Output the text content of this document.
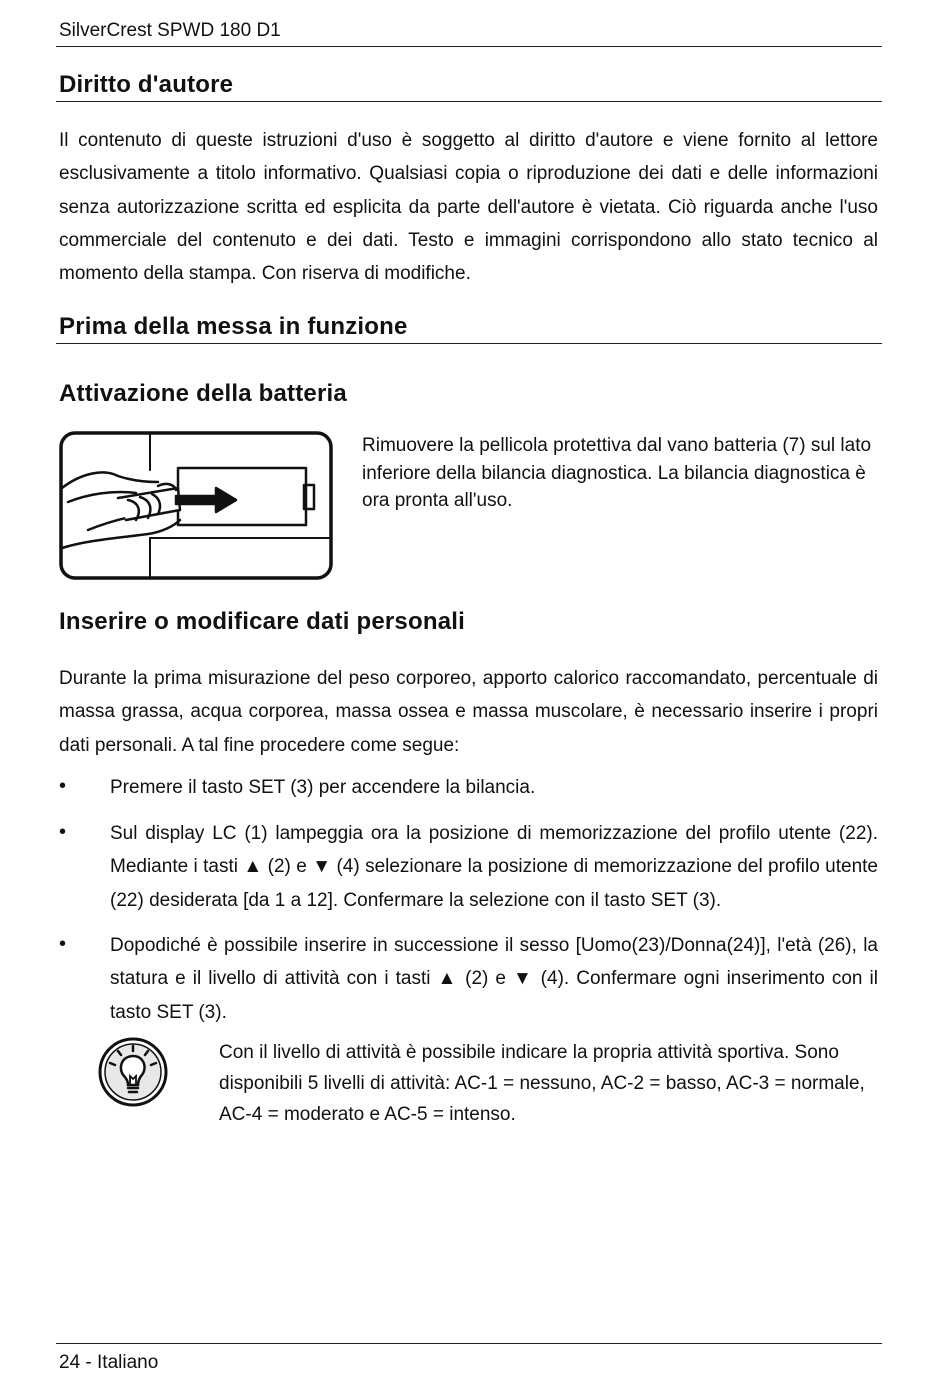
SilverCrest SPWD 180 D1
Diritto d'autore
Il contenuto di queste istruzioni d'uso è soggetto al diritto d'autore e viene fornito al lettore esclusivamente a titolo informativo. Qualsiasi copia o riproduzione dei dati e delle informazioni senza autorizzazione scritta ed esplicita da parte dell'autore è vietata. Ciò riguarda anche l'uso commerciale del contenuto e dei dati. Testo e immagini corrispondono allo stato tecnico al momento della stampa. Con riserva di modifiche.
Prima della messa in funzione
Attivazione della batteria
Rimuovere la pellicola protettiva dal vano batteria (7) sul lato inferiore della bilancia diagnostica. La bilancia diagnostica è ora pronta all'uso.
Inserire o modificare dati personali
Durante la prima misurazione del peso corporeo, apporto calorico raccomandato, percentuale di massa grassa, acqua corporea, massa ossea e massa muscolare, è necessario inserire i propri dati personali. A tal fine procedere come segue:
• Premere il tasto SET (3) per accendere la bilancia.
• Sul display LC (1) lampeggia ora la posizione di memorizzazione del profilo utente (22). Mediante i tasti ▲ (2) e ▼ (4) selezionare la posizione di memorizzazione del profilo utente (22) desiderata [da 1 a 12]. Confermare la selezione con il tasto SET (3).
• Dopodiché è possibile inserire in successione il sesso [Uomo(23)/Donna(24)], l'età (26), la statura e il livello di attività con i tasti ▲ (2) e ▼ (4). Confermare ogni inserimento con il tasto SET (3).
Con il livello di attività è possibile indicare la propria attività sportiva. Sono disponibili 5 livelli di attività: AC-1 = nessuno, AC-2 = basso, AC-3 = normale, AC-4 = moderato e AC-5 = intenso.
24 - Italiano
